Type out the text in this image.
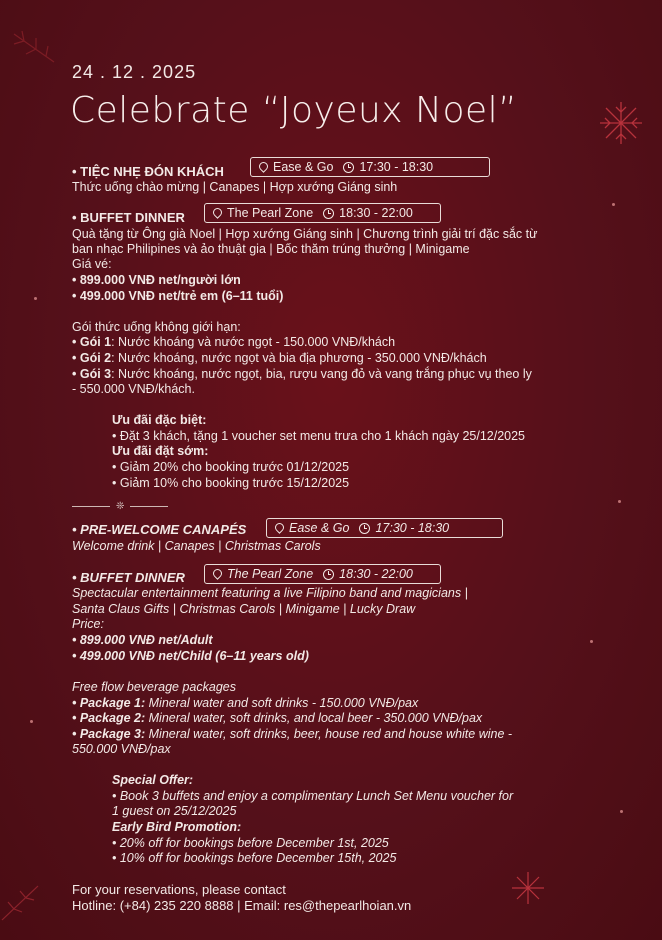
24 . 12 . 2025
Celebrate “Joyeux Noel”
• TIỆC NHẸ ĐÓN KHÁCH	Ease & Go 17:30 - 18:30
Thức uống chào mừng | Canapes | Hợp xướng Giáng sinh
• BUFFET DINNER	The Pearl Zone 18:30 - 22:00
Quà tặng từ Ông già Noel | Hợp xướng Giáng sinh | Chương trình giải trí đặc sắc từ
ban nhạc Philipines và ảo thuật gia | Bốc thăm trúng thưởng | Minigame
Giá vé:
• 899.000 VNĐ net/người lớn
• 499.000 VNĐ net/trẻ em (6–11 tuổi)
Gói thức uống không giới hạn:
• Gói 1: Nước khoáng và nước ngọt - 150.000 VNĐ/khách
• Gói 2: Nước khoáng, nước ngọt và bia địa phương - 350.000 VNĐ/khách
• Gói 3: Nước khoáng, nước ngọt, bia, rượu vang đỏ và vang trắng phục vụ theo ly
- 550.000 VNĐ/khách.
Ưu đãi đặc biệt:
• Đặt 3 khách, tặng 1 voucher set menu trưa cho 1 khách ngày 25/12/2025
Ưu đãi đặt sớm:
• Giảm 20% cho booking trước 01/12/2025
• Giảm 10% cho booking trước 15/12/2025
❊
• PRE-WELCOME CANAPÉS	Ease & Go 17:30 - 18:30
Welcome drink | Canapes | Christmas Carols
• BUFFET DINNER	The Pearl Zone 18:30 - 22:00
Spectacular entertainment featuring a live Filipino band and magicians |
Santa Claus Gifts | Christmas Carols | Minigame | Lucky Draw
Price:
• 899.000 VNĐ net/Adult
• 499.000 VNĐ net/Child (6–11 years old)
Free flow beverage packages
• Package 1: Mineral water and soft drinks - 150.000 VNĐ/pax
• Package 2: Mineral water, soft drinks, and local beer - 350.000 VNĐ/pax
• Package 3: Mineral water, soft drinks, beer, house red and house white wine -
550.000 VNĐ/pax
Special Offer:
• Book 3 buffets and enjoy a complimentary Lunch Set Menu voucher for
1 guest on 25/12/2025
Early Bird Promotion:
• 20% off for bookings before December 1st, 2025
• 10% off for bookings before December 15th, 2025
For your reservations, please contact
Hotline: (+84) 235 220 8888 | Email: res@thepearlhoian.vn
